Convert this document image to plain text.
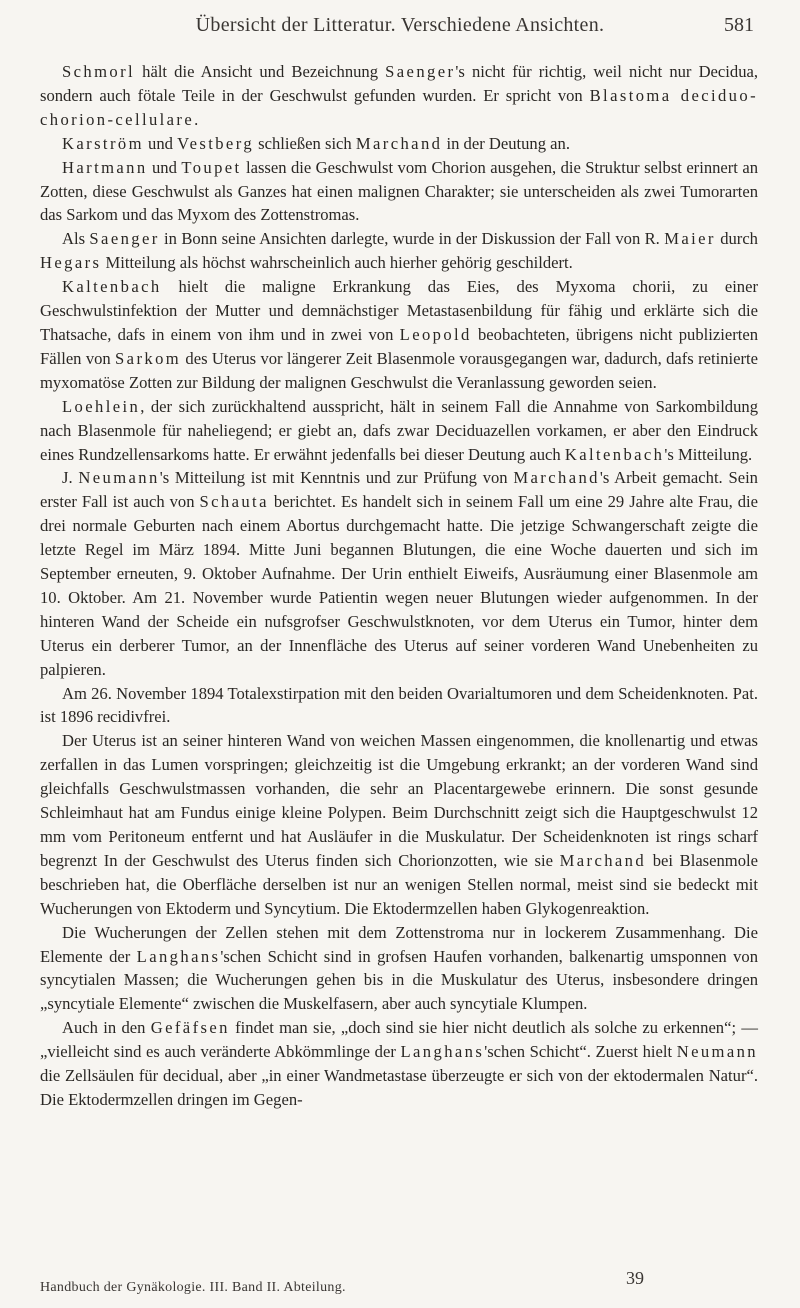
Übersicht der Litteratur. Verschiedene Ansichten.	581

Schmorl hält die Ansicht und Bezeichnung Saenger's nicht für richtig, weil nicht nur Decidua, sondern auch fötale Teile in der Geschwulst gefunden wurden. Er spricht von Blastoma deciduo-chorion-cellulare.

Karström und Vestberg schließen sich Marchand in der Deutung an.

Hartmann und Toupet lassen die Geschwulst vom Chorion ausgehen, die Struktur selbst erinnert an Zotten, diese Geschwulst als Ganzes hat einen malignen Charakter; sie unterscheiden als zwei Tumorarten das Sarkom und das Myxom des Zottenstromas.

Als Saenger in Bonn seine Ansichten darlegte, wurde in der Diskussion der Fall von R. Maier durch Hegars Mitteilung als höchst wahrscheinlich auch hierher gehörig geschildert.

Kaltenbach hielt die maligne Erkrankung das Eies, des Myxoma chorii, zu einer Geschwulstinfektion der Mutter und demnächstiger Metastasenbildung für fähig und erklärte sich die Thatsache, dafs in einem von ihm und in zwei von Leopold beobachteten, übrigens nicht publizierten Fällen von Sarkom des Uterus vor längerer Zeit Blasenmole vorausgegangen war, dadurch, dafs retinierte myxomatöse Zotten zur Bildung der malignen Geschwulst die Veranlassung geworden seien.

Loehlein, der sich zurückhaltend ausspricht, hält in seinem Fall die Annahme von Sarkombildung nach Blasenmole für naheliegend; er giebt an, dafs zwar Deciduazellen vorkamen, er aber den Eindruck eines Rundzellensarkoms hatte. Er erwähnt jedenfalls bei dieser Deutung auch Kaltenbach's Mitteilung.

J. Neumann's Mitteilung ist mit Kenntnis und zur Prüfung von Marchand's Arbeit gemacht. Sein erster Fall ist auch von Schauta berichtet. Es handelt sich in seinem Fall um eine 29 Jahre alte Frau, die drei normale Geburten nach einem Abortus durchgemacht hatte. Die jetzige Schwangerschaft zeigte die letzte Regel im März 1894. Mitte Juni begannen Blutungen, die eine Woche dauerten und sich im September erneuten, 9. Oktober Aufnahme. Der Urin enthielt Eiweifs, Ausräumung einer Blasenmole am 10. Oktober. Am 21. November wurde Patientin wegen neuer Blutungen wieder aufgenommen. In der hinteren Wand der Scheide ein nufsgrofser Geschwulstknoten, vor dem Uterus ein Tumor, hinter dem Uterus ein derberer Tumor, an der Innenfläche des Uterus auf seiner vorderen Wand Unebenheiten zu palpieren.

Am 26. November 1894 Totalexstirpation mit den beiden Ovarialtumoren und dem Scheidenknoten. Pat. ist 1896 recidivfrei.

Der Uterus ist an seiner hinteren Wand von weichen Massen eingenommen, die knollenartig und etwas zerfallen in das Lumen vorspringen; gleichzeitig ist die Umgebung erkrankt; an der vorderen Wand sind gleichfalls Geschwulstmassen vorhanden, die sehr an Placentargewebe erinnern. Die sonst gesunde Schleimhaut hat am Fundus einige kleine Polypen. Beim Durchschnitt zeigt sich die Hauptgeschwulst 12 mm vom Peritoneum entfernt und hat Ausläufer in die Muskulatur. Der Scheidenknoten ist rings scharf begrenzt In der Geschwulst des Uterus finden sich Chorionzotten, wie sie Marchand bei Blasenmole beschrieben hat, die Oberfläche derselben ist nur an wenigen Stellen normal, meist sind sie bedeckt mit Wucherungen von Ektoderm und Syncytium. Die Ektodermzellen haben Glykogenreaktion.

Die Wucherungen der Zellen stehen mit dem Zottenstroma nur in lockerem Zusammenhang. Die Elemente der Langhans'schen Schicht sind in grofsen Haufen vorhanden, balkenartig umsponnen von syncytialen Massen; die Wucherungen gehen bis in die Muskulatur des Uterus, insbesondere dringen „syncytiale Elemente“ zwischen die Muskelfasern, aber auch syncytiale Klumpen.

Auch in den Gefäfsen findet man sie, „doch sind sie hier nicht deutlich als solche zu erkennen“; — „vielleicht sind es auch veränderte Abkömmlinge der Langhans'schen Schicht“. Zuerst hielt Neumann die Zellsäulen für decidual, aber „in einer Wandmetastase überzeugte er sich von der ektodermalen Natur“. Die Ektodermzellen dringen im Gegen-

Handbuch der Gynäkologie. III. Band II. Abteilung.	39
